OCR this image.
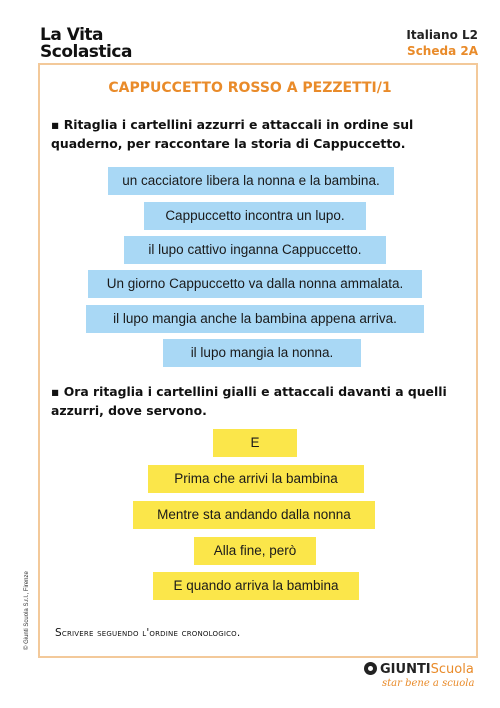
La Vita
Scolastica
Italiano L2
Scheda 2A
CAPPUCCETTO ROSSO A PEZZETTI/1
▪ Ritaglia i cartellini azzurri e attaccali in ordine sul quaderno, per raccontare la storia di Cappuccetto.
un cacciatore libera la nonna e la bambina.
Cappuccetto incontra un lupo.
il lupo cattivo inganna Cappuccetto.
Un giorno Cappuccetto va dalla nonna ammalata.
il lupo mangia anche la bambina appena arriva.
il lupo mangia la nonna.
▪ Ora ritaglia i cartellini gialli e attaccali davanti a quelli azzurri, dove servono.
E
Prima che arrivi la bambina
Mentre sta andando dalla nonna
Alla fine, però
E quando arriva la bambina
Scrivere seguendo l'ordine cronologico.
© Giunti Scuola S.r.l., Firenze
GIUNTIScuola
star bene a scuola
